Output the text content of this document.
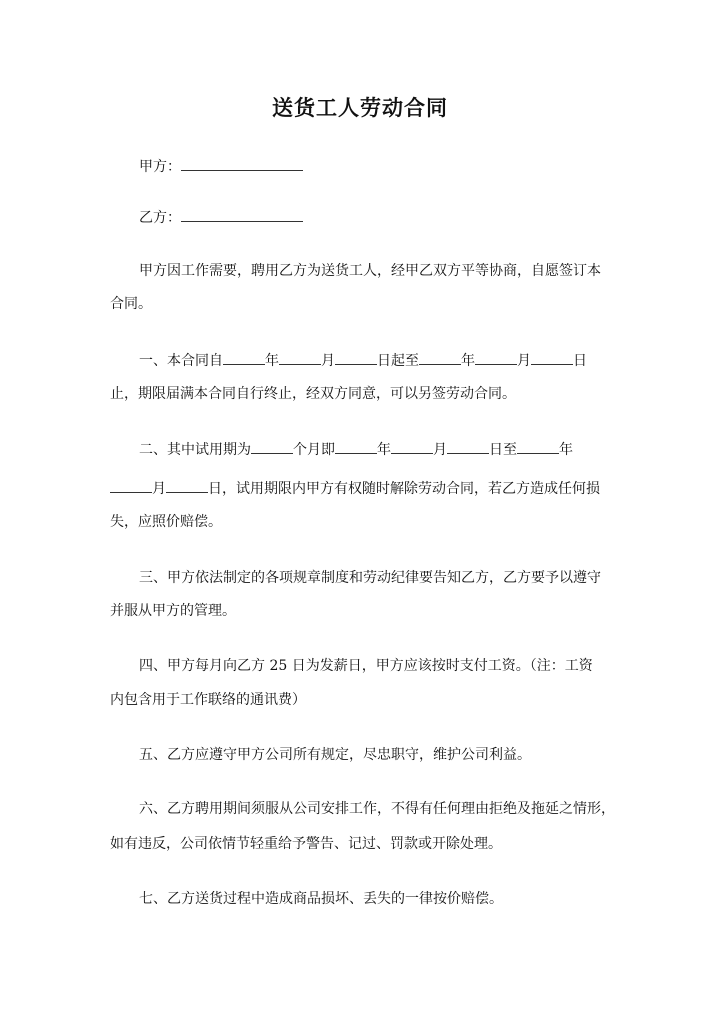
送货工人劳动合同
甲方：
乙方：
甲方因工作需要，聘用乙方为送货工人，经甲乙双方平等协商，自愿签订本
合同。
一、本合同自	年	月	日起至	年	月	日
止，期限届满本合同自行终止，经双方同意，可以另签劳动合同。
二、其中试用期为	个月即	年	月	日至	年
月	日，试用期限内甲方有权随时解除劳动合同，若乙方造成任何损
失，应照价赔偿。
三、甲方依法制定的各项规章制度和劳动纪律要告知乙方，乙方要予以遵守
并服从甲方的管理。
四、甲方每月向乙方 25 日为发薪日，甲方应该按时支付工资。（注：工资
内包含用于工作联络的通讯费）
五、乙方应遵守甲方公司所有规定，尽忠职守，维护公司利益。
六、乙方聘用期间须服从公司安排工作，不得有任何理由拒绝及拖延之情形，
如有违反，公司依情节轻重给予警告、记过、罚款或开除处理。
七、乙方送货过程中造成商品损坏、丢失的一律按价赔偿。
